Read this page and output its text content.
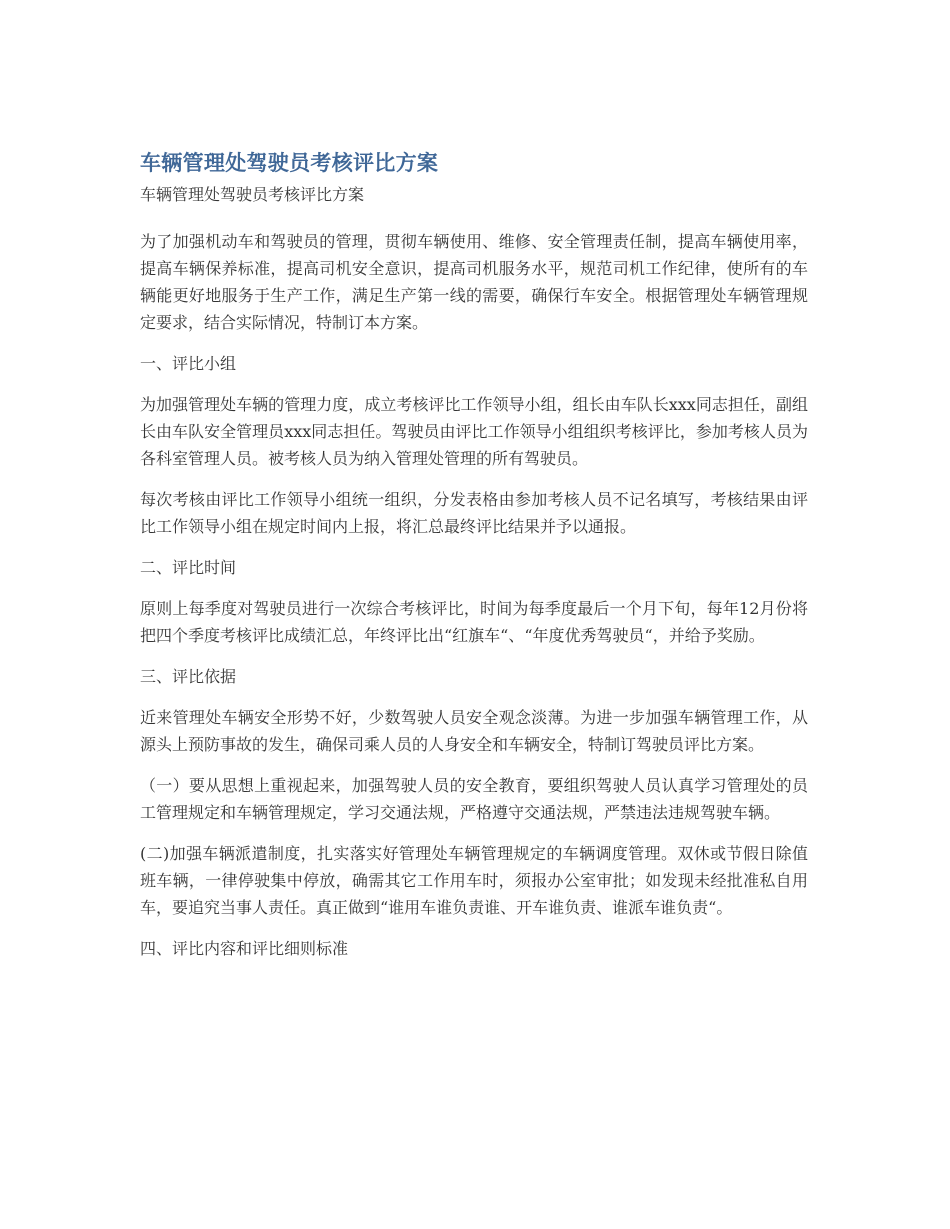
车辆管理处驾驶员考核评比方案

车辆管理处驾驶员考核评比方案

为了加强机动车和驾驶员的管理，贯彻车辆使用、维修、安全管理责任制，提高车辆使用率，提高车辆保养标准，提高司机安全意识，提高司机服务水平，规范司机工作纪律，使所有的车辆能更好地服务于生产工作，满足生产第一线的需要，确保行车安全。根据管理处车辆管理规定要求，结合实际情况，特制订本方案。

一、评比小组

为加强管理处车辆的管理力度，成立考核评比工作领导小组，组长由车队长xxx同志担任，副组长由车队安全管理员xxx同志担任。驾驶员由评比工作领导小组组织考核评比，参加考核人员为各科室管理人员。被考核人员为纳入管理处管理的所有驾驶员。

每次考核由评比工作领导小组统一组织，分发表格由参加考核人员不记名填写，考核结果由评比工作领导小组在规定时间内上报，将汇总最终评比结果并予以通报。

二、评比时间

原则上每季度对驾驶员进行一次综合考核评比，时间为每季度最后一个月下旬，每年12月份将把四个季度考核评比成绩汇总，年终评比出“红旗车“、“年度优秀驾驶员“，并给予奖励。

三、评比依据

近来管理处车辆安全形势不好，少数驾驶人员安全观念淡薄。为进一步加强车辆管理工作，从源头上预防事故的发生，确保司乘人员的人身安全和车辆安全，特制订驾驶员评比方案。

（一）要从思想上重视起来，加强驾驶人员的安全教育，要组织驾驶人员认真学习管理处的员工管理规定和车辆管理规定，学习交通法规，严格遵守交通法规，严禁违法违规驾驶车辆。

(二)加强车辆派遣制度，扎实落实好管理处车辆管理规定的车辆调度管理。双休或节假日除值班车辆，一律停驶集中停放，确需其它工作用车时，须报办公室审批；如发现未经批准私自用车，要追究当事人责任。真正做到“谁用车谁负责谁、开车谁负责、谁派车谁负责“。

四、评比内容和评比细则标准
